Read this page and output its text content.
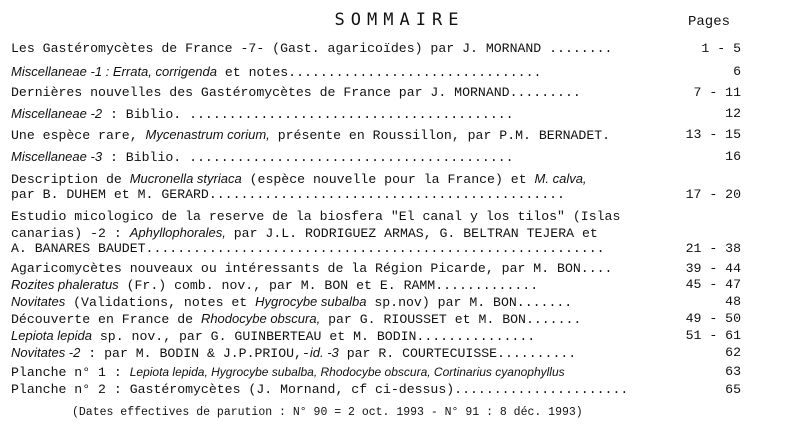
SOMMAIRE	Pages
Les Gastéromycètes de France -7- (Gast. agaricoïdes) par J. MORNAND ........	1 - 5
Miscellaneae -1 : Errata, corrigenda et notes................................	6
Dernières nouvelles des Gastéromycètes de France par J. MORNAND.........	7 - 11
Miscellaneae -2 : Biblio. .........................................	12
Une espèce rare, Mycenastrum corium, présente en Roussillon, par P.M. BERNADET.	13 - 15
Miscellaneae -3 : Biblio. .........................................	16
Description de Mucronella styriaca (espèce nouvelle pour la France) et M. calva,
par B. DUHEM et M. GERARD.............................................	17 - 20
Estudio micologico de la reserve de la biosfera "El canal y los tilos" (Islas
canarias) -2 : Aphyllophorales, par J.L. RODRIGUEZ ARMAS, G. BELTRAN TEJERA et
A. BANARES BAUDET..........................................................	21 - 38
Agaricomycètes nouveaux ou intéressants de la Région Picarde, par M. BON....	39 - 44
Rozites phaleratus (Fr.) comb. nov., par M. BON et E. RAMM.............	45 - 47
Novitates (Validations, notes et Hygrocybe subalba sp.nov) par M. BON.......	48
Découverte en France de Rhodocybe obscura, par G. RIOUSSET et M. BON.......	49 - 50
Lepiota lepida sp. nov., par G. GUINBERTEAU et M. BODIN...............	51 - 61
Novitates -2 : par M. BODIN & J.P.PRIOU,-id. -3 par R. COURTECUISSE..........	62
Planche n° 1 : Lepiota lepida, Hygrocybe subalba, Rhodocybe obscura, Cortinarius cyanophyllus	63
Planche n° 2 : Gastéromycètes (J. Mornand, cf ci-dessus)......................	65
(Dates effectives de parution : N° 90 = 2 oct. 1993 - N° 91 : 8 déc. 1993)
